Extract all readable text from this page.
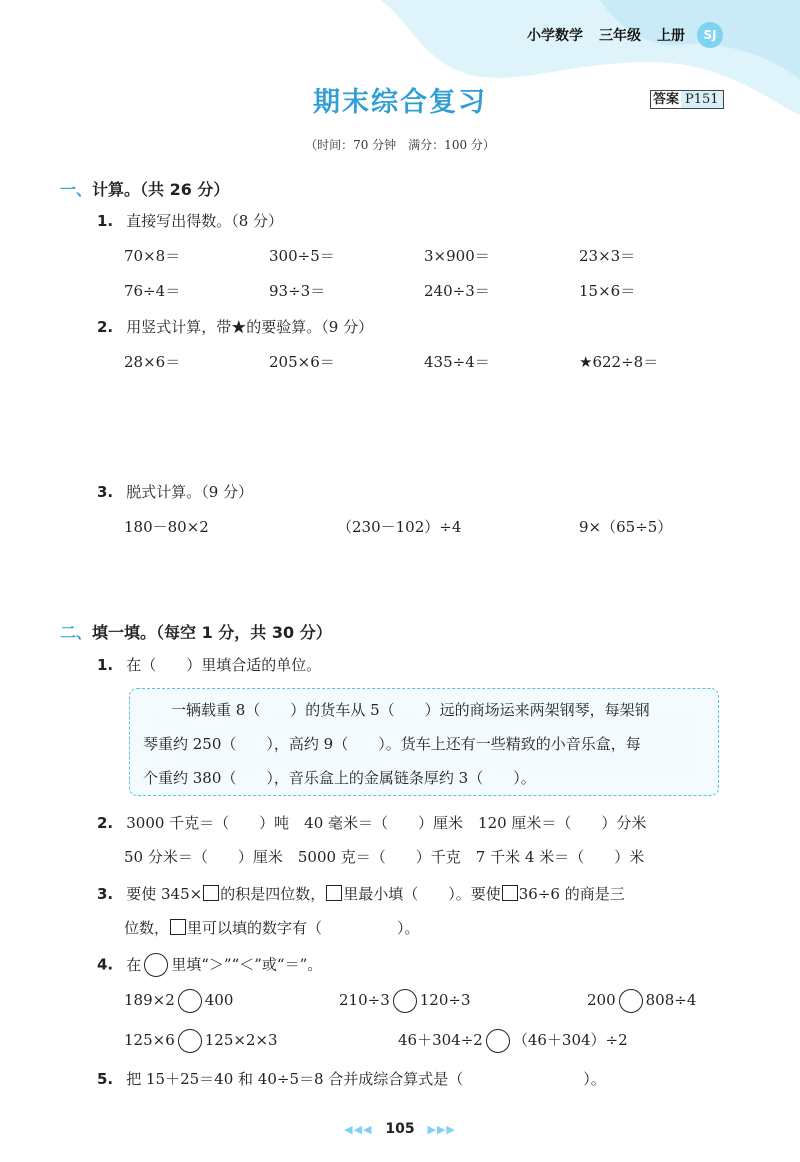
小学数学 三年级 上册	SJ
期末综合复习	答案 P151
（时间：70 分钟　满分：100 分）
一、计算。（共 26 分）
1. 直接写出得数。（8 分）
70×8＝	300÷5＝	3×900＝	23×3＝
76÷4＝	93÷3＝	240÷3＝	15×6＝
2. 用竖式计算，带★的要验算。（9 分）
28×6＝	205×6＝	435÷4＝	★622÷8＝
3. 脱式计算。（9 分）
180－80×2	（230－102）÷4	9×（65÷5）
二、填一填。（每空 1 分，共 30 分）
1. 在（　　）里填合适的单位。
一辆载重 8（　　）的货车从 5（　　）远的商场运来两架钢琴，每架钢
琴重约 250（　　），高约 9（　　）。货车上还有一些精致的小音乐盒，每
个重约 380（　　），音乐盒上的金属链条厚约 3（　　）。
2. 3000 千克＝（　　）吨　40 毫米＝（　　）厘米　120 厘米＝（　　）分米
50 分米＝（　　）厘米　5000 克＝（　　）千克　7 千米 4 米＝（　　）米
3. 要使 345× 的积是四位数， 里最小填（　　）。要使 36÷6 的商是三
位数， 里可以填的数字有（　　　　　）。
4. 在 里填“＞”“＜”或“＝”。
189×2 400	210÷3 120÷3	200 808÷4
125×6 125×2×3	46＋304÷2 （46＋304）÷2
5. 把 15＋25＝40 和 40÷5＝8 合并成综合算式是（　　　　　　　　）。
◀◀◀ 105 ▶▶▶
